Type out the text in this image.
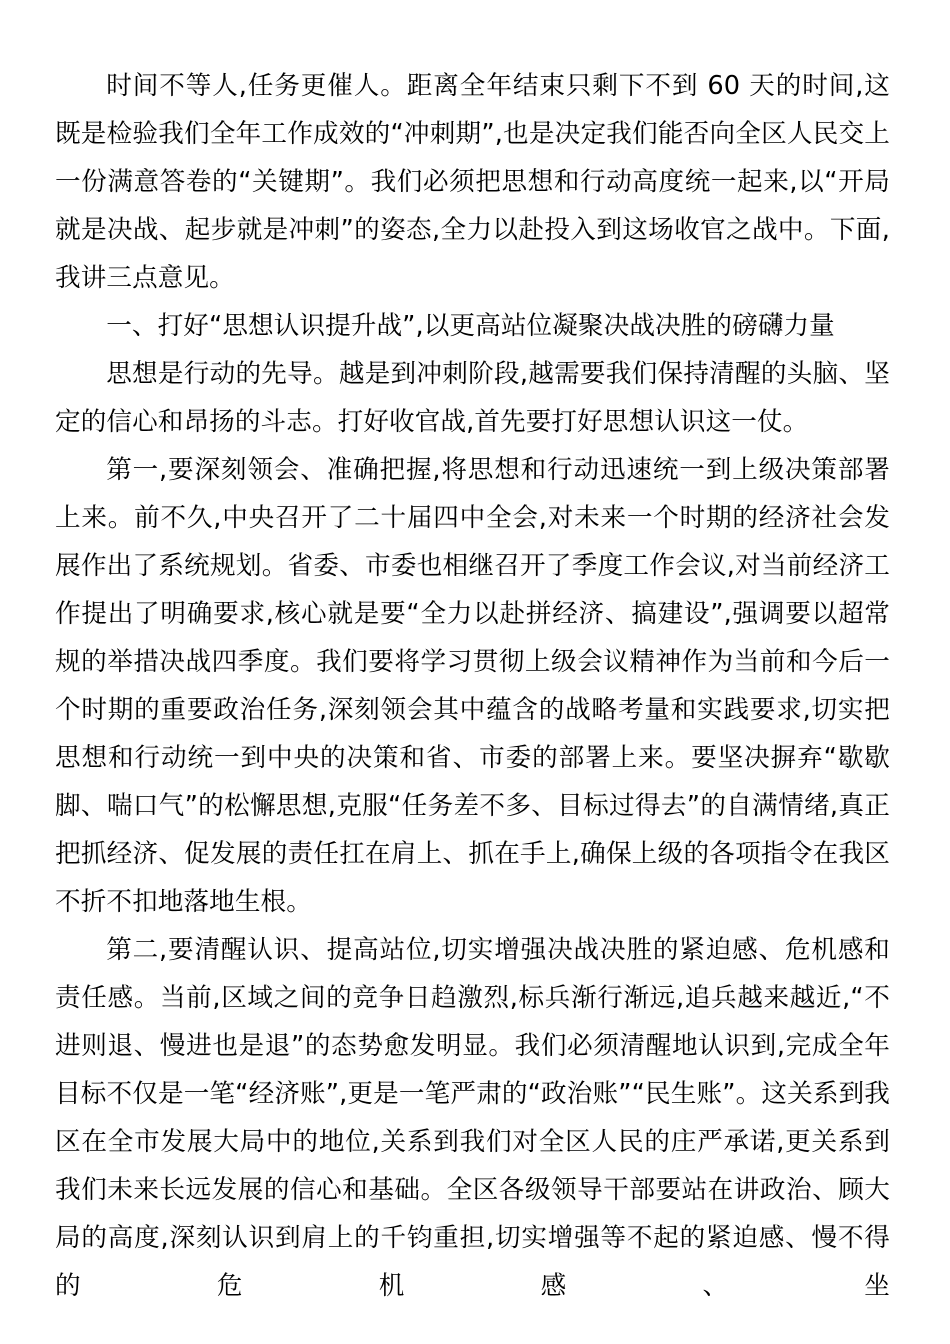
时间不等人,任务更催人。距离全年结束只剩下不到 60 天的时间,这既是检验我们全年工作成效的“冲刺期”,也是决定我们能否向全区人民交上一份满意答卷的“关键期”。我们必须把思想和行动高度统一起来,以“开局就是决战、起步就是冲刺”的姿态,全力以赴投入到这场收官之战中。下面,我讲三点意见。

一、打好“思想认识提升战”,以更高站位凝聚决战决胜的磅礴力量

思想是行动的先导。越是到冲刺阶段,越需要我们保持清醒的头脑、坚定的信心和昂扬的斗志。打好收官战,首先要打好思想认识这一仗。

第一,要深刻领会、准确把握,将思想和行动迅速统一到上级决策部署上来。前不久,中央召开了二十届四中全会,对未来一个时期的经济社会发展作出了系统规划。省委、市委也相继召开了季度工作会议,对当前经济工作提出了明确要求,核心就是要“全力以赴拼经济、搞建设”,强调要以超常规的举措决战四季度。我们要将学习贯彻上级会议精神作为当前和今后一个时期的重要政治任务,深刻领会其中蕴含的战略考量和实践要求,切实把思想和行动统一到中央的决策和省、市委的部署上来。要坚决摒弃“歇歇脚、喘口气”的松懈思想,克服“任务差不多、目标过得去”的自满情绪,真正把抓经济、促发展的责任扛在肩上、抓在手上,确保上级的各项指令在我区不折不扣地落地生根。

第二,要清醒认识、提高站位,切实增强决战决胜的紧迫感、危机感和责任感。当前,区域之间的竞争日趋激烈,标兵渐行渐远,追兵越来越近,“不进则退、慢进也是退”的态势愈发明显。我们必须清醒地认识到,完成全年目标不仅是一笔“经济账”,更是一笔严肃的“政治账”“民生账”。这关系到我区在全市发展大局中的地位,关系到我们对全区人民的庄严承诺,更关系到我们未来长远发展的信心和基础。全区各级领导干部要站在讲政治、顾大局的高度,深刻认识到肩上的千钧重担,切实增强等不起的紧迫感、慢不得的危机感、坐
